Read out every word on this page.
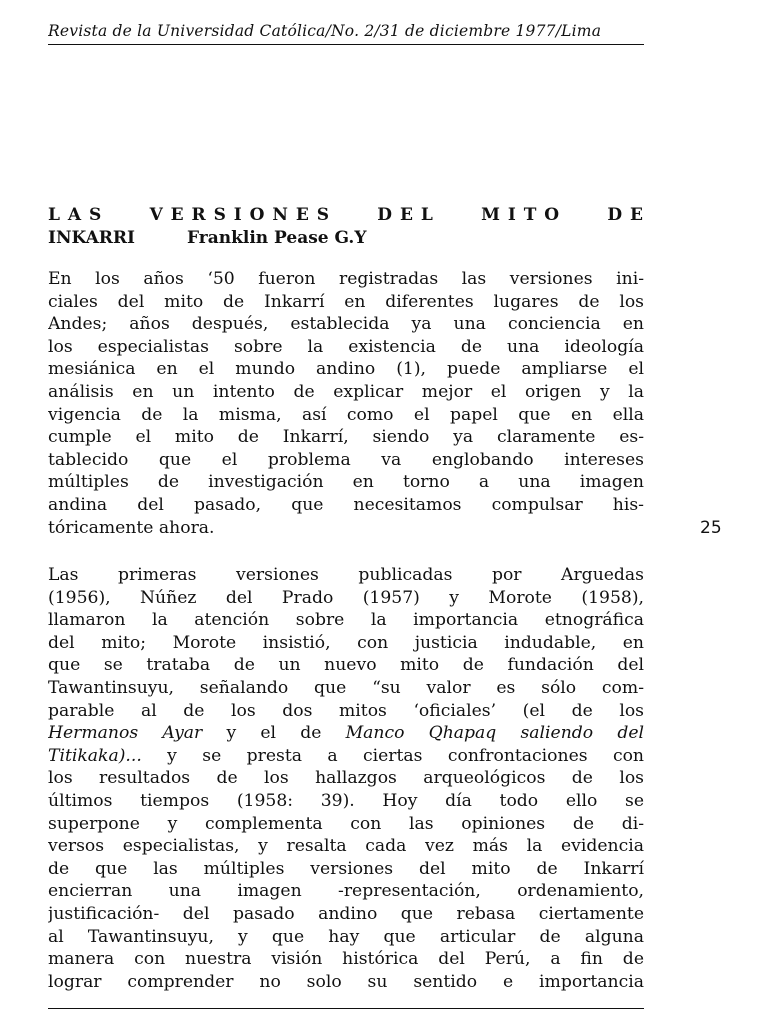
Revista de la Universidad Católica/No. 2/31 de diciembre 1977/Lima
L A S	V E R S I O N E S	D E L	M I T O	D E
INKARRI	Franklin Pease G.Y
En los años ‘50 fueron registradas las versiones ini-
ciales del mito de Inkarrí en diferentes lugares de los
Andes; años después, establecida ya una conciencia en
los especialistas sobre la existencia de una ideología
mesiánica en el mundo andino (1), puede ampliarse el
análisis en un intento de explicar mejor el origen y la
vigencia de la misma, así como el papel que en ella
cumple el mito de Inkarrí, siendo ya claramente es-
tablecido que el problema va englobando intereses
múltiples de investigación en torno a una imagen
andina del pasado, que necesitamos compulsar his-
tóricamente ahora.	25
Las primeras versiones publicadas por Arguedas
(1956), Núñez del Prado (1957) y Morote (1958),
llamaron la atención sobre la importancia etnográfica
del mito; Morote insistió, con justicia indudable, en
que se trataba de un nuevo mito de fundación del
Tawantinsuyu, señalando que “su valor es sólo com-
parable al de los dos mitos ‘oficiales’ (el de los
Hermanos Ayar y el de Manco Qhapaq saliendo del
Titikaka)... y se presta a ciertas confrontaciones con
los resultados de los hallazgos arqueológicos de los
últimos tiempos (1958: 39). Hoy día todo ello se
superpone y complementa con las opiniones de di-
versos especialistas, y resalta cada vez más la evidencia
de que las múltiples versiones del mito de Inkarrí
encierran una imagen -representación, ordenamiento,
justificación- del pasado andino que rebasa ciertamente
al Tawantinsuyu, y que hay que articular de alguna
manera con nuestra visión histórica del Perú, a fin de
lograr comprender no solo su sentido e importancia
